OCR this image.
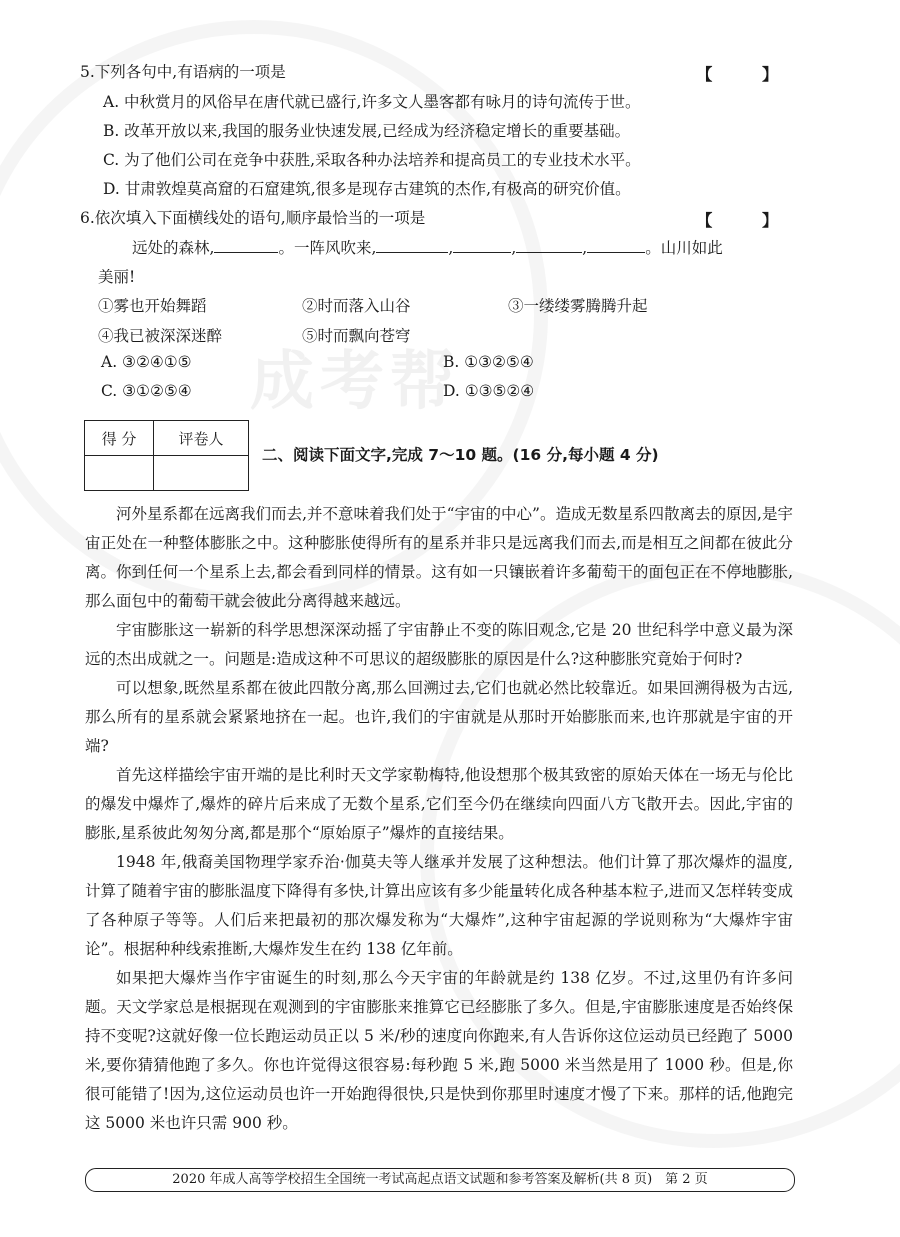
成考帮
5.下列各句中,有语病的一项是	【 】
A. 中秋赏月的风俗早在唐代就已盛行,许多文人墨客都有咏月的诗句流传于世。
B. 改革开放以来,我国的服务业快速发展,已经成为经济稳定增长的重要基础。
C. 为了他们公司在竞争中获胜,采取各种办法培养和提高员工的专业技术水平。
D. 甘肃敦煌莫高窟的石窟建筑,很多是现存古建筑的杰作,有极高的研究价值。
6.依次填入下面横线处的语句,顺序最恰当的一项是	【 】
远处的森林,	。一阵风吹来,	,	,	,	。山川如此
美丽!
①雾也开始舞蹈	②时而落入山谷	③一缕缕雾腾腾升起
④我已被深深迷醉	⑤时而飘向苍穹
A. ③②④①⑤	B. ①③②⑤④
C. ③①②⑤④	D. ①③⑤②④
得 分	评卷人

二、阅读下面文字,完成 7～10 题。(16 分,每小题 4 分)

河外星系都在远离我们而去,并不意味着我们处于“宇宙的中心”。造成无数星系四散离去的原因,是宇宙正处在一种整体膨胀之中。这种膨胀使得所有的星系并非只是远离我们而去,而是相互之间都在彼此分离。你到任何一个星系上去,都会看到同样的情景。这有如一只镶嵌着许多葡萄干的面包正在不停地膨胀,那么面包中的葡萄干就会彼此分离得越来越远。

宇宙膨胀这一崭新的科学思想深深动摇了宇宙静止不变的陈旧观念,它是 20 世纪科学中意义最为深远的杰出成就之一。问题是:造成这种不可思议的超级膨胀的原因是什么?这种膨胀究竟始于何时?

可以想象,既然星系都在彼此四散分离,那么回溯过去,它们也就必然比较靠近。如果回溯得极为古远,那么所有的星系就会紧紧地挤在一起。也许,我们的宇宙就是从那时开始膨胀而来,也许那就是宇宙的开端?

首先这样描绘宇宙开端的是比利时天文学家勒梅特,他设想那个极其致密的原始天体在一场无与伦比的爆发中爆炸了,爆炸的碎片后来成了无数个星系,它们至今仍在继续向四面八方飞散开去。因此,宇宙的膨胀,星系彼此匆匆分离,都是那个“原始原子”爆炸的直接结果。

1948 年,俄裔美国物理学家乔治·伽莫夫等人继承并发展了这种想法。他们计算了那次爆炸的温度,计算了随着宇宙的膨胀温度下降得有多快,计算出应该有多少能量转化成各种基本粒子,进而又怎样转变成了各种原子等等。人们后来把最初的那次爆发称为“大爆炸”,这种宇宙起源的学说则称为“大爆炸宇宙论”。根据种种线索推断,大爆炸发生在约 138 亿年前。

如果把大爆炸当作宇宙诞生的时刻,那么今天宇宙的年龄就是约 138 亿岁。不过,这里仍有许多问题。天文学家总是根据现在观测到的宇宙膨胀来推算它已经膨胀了多久。但是,宇宙膨胀速度是否始终保持不变呢?这就好像一位长跑运动员正以 5 米/秒的速度向你跑来,有人告诉你这位运动员已经跑了 5000 米,要你猜猜他跑了多久。你也许觉得这很容易:每秒跑 5 米,跑 5000 米当然是用了 1000 秒。但是,你很可能错了!因为,这位运动员也许一开始跑得很快,只是快到你那里时速度才慢了下来。那样的话,他跑完这 5000 米也许只需 900 秒。

2020 年成人高等学校招生全国统一考试高起点语文试题和参考答案及解析(共 8 页)　第 2 页
